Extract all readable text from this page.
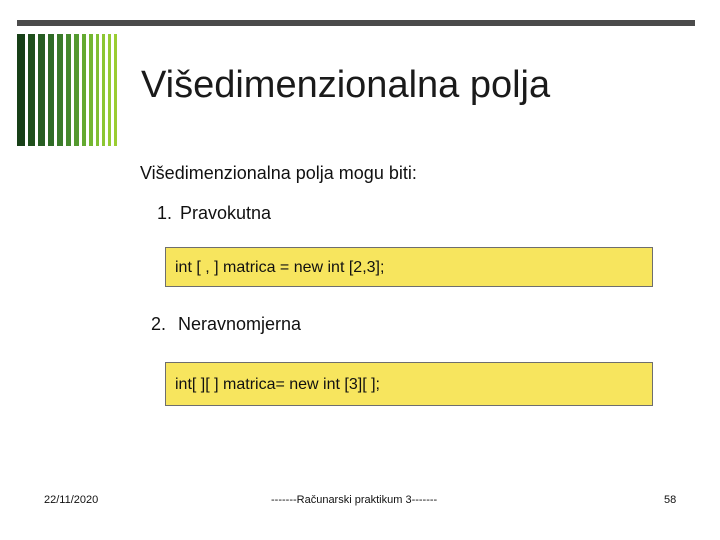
Višedimenzionalna polja
Višedimenzionalna polja mogu biti:
1. Pravokutna
int [ , ] matrica = new int [2,3];
2. Neravnomjerna
int[ ][ ] matrica= new int [3][ ];
22/11/2020	-------Računarski praktikum 3-------	58
